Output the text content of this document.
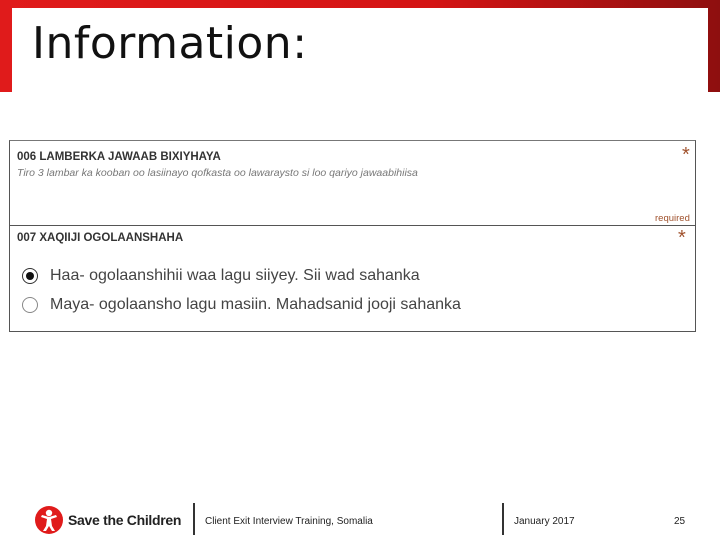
Information:
006 LAMBERKA JAWAAB BIXIYHAYA
Tiro 3 lambar ka kooban oo lasiinayo qofkasta oo lawaraysto si loo qariyo jawaabihiisa
*
required
007 XAQIIJI OGOLAANSHAHA	*
Haa- ogolaanshihii waa lagu siiyey. Sii wad sahanka
Maya- ogolaansho lagu masiin. Mahadsanid jooji sahanka
Save the Children Client Exit Interview Training, Somalia	January 2017	25
